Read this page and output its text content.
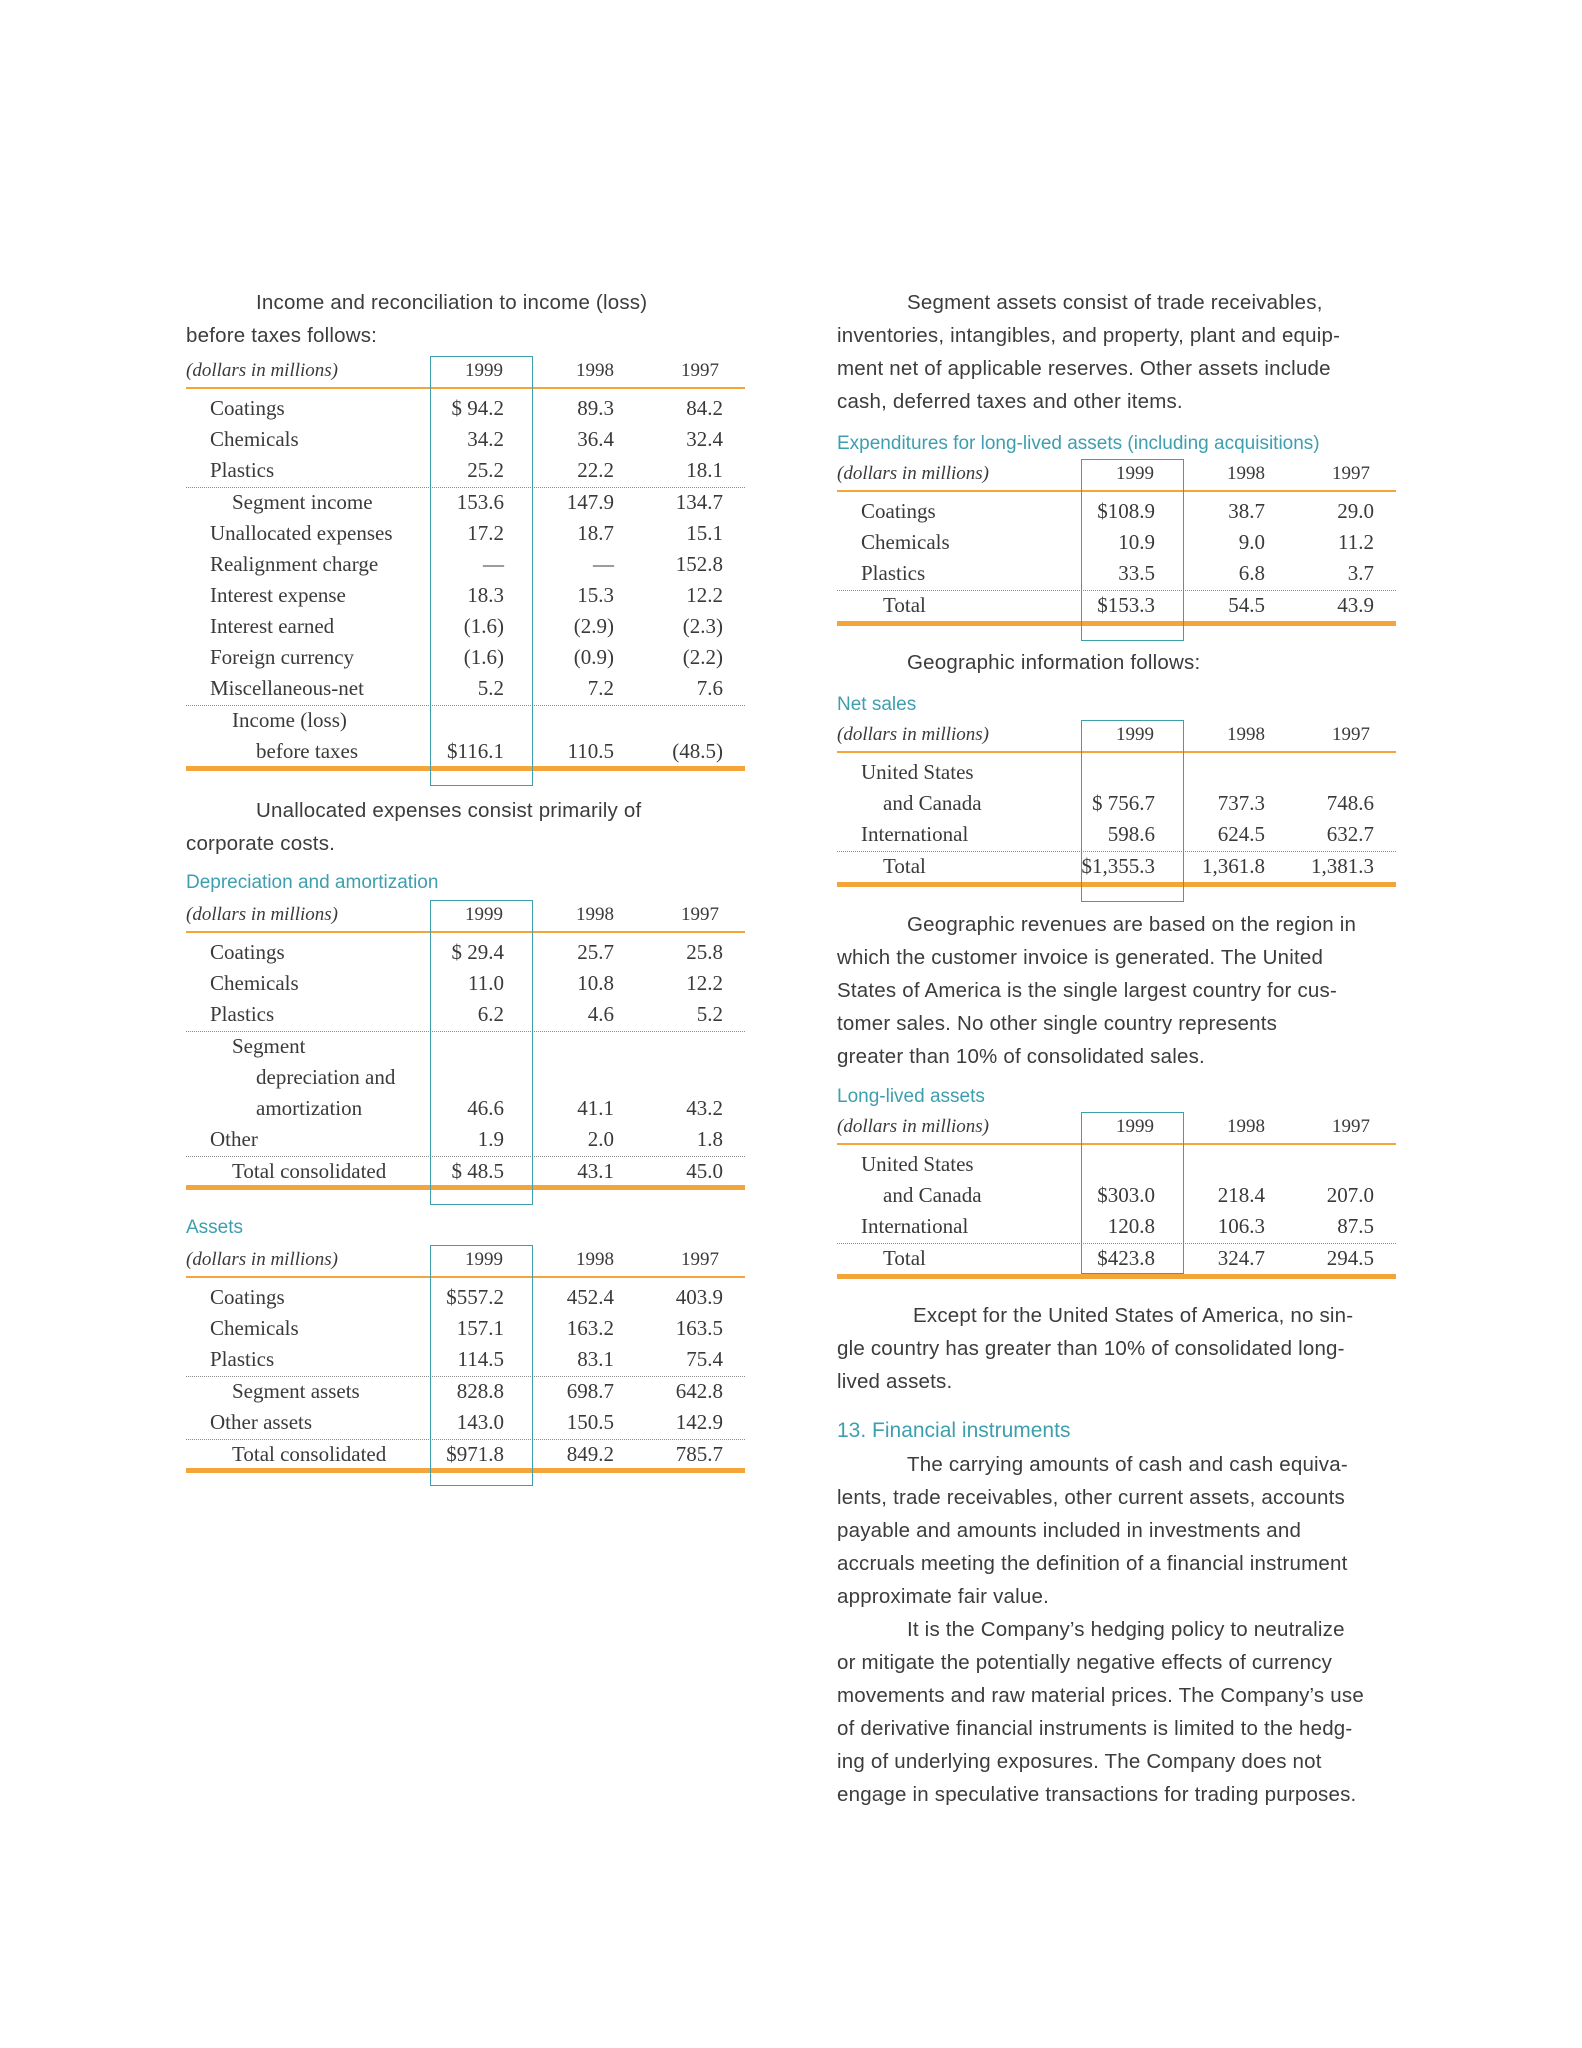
Income and reconciliation to income (loss)
before taxes follows:

(dollars in millions)	1999	1998	1997
Coatings	$ 94.2	89.3	84.2
Chemicals	34.2	36.4	32.4
Plastics	25.2	22.2	18.1
Segment income	153.6	147.9	134.7
Unallocated expenses	17.2	18.7	15.1
Realignment charge	—	—	152.8
Interest expense	18.3	15.3	12.2
Interest earned	(1.6)	(2.9)	(2.3)
Foreign currency	(1.6)	(0.9)	(2.2)
Miscellaneous-net	5.2	7.2	7.6
Income (loss)
before taxes	$116.1	110.5	(48.5)

Unallocated expenses consist primarily of
corporate costs.

Depreciation and amortization
(dollars in millions)	1999	1998	1997
Coatings	$ 29.4	25.7	25.8
Chemicals	11.0	10.8	12.2
Plastics	6.2	4.6	5.2
Segment
depreciation and
amortization	46.6	41.1	43.2
Other	1.9	2.0	1.8
Total consolidated	$ 48.5	43.1	45.0
Assets
(dollars in millions)	1999	1998	1997
Coatings	$557.2	452.4	403.9
Chemicals	157.1	163.2	163.5
Plastics	114.5	83.1	75.4
Segment assets	828.8	698.7	642.8
Other assets	143.0	150.5	142.9
Total consolidated	$971.8	849.2	785.7

Segment assets consist of trade receivables,
inventories, intangibles, and property, plant and equip-
ment net of applicable reserves. Other assets include
cash, deferred taxes and other items.

Expenditures for long-lived assets (including acquisitions)
(dollars in millions)	1999	1998	1997
Coatings	$108.9	38.7	29.0
Chemicals	10.9	9.0	11.2
Plastics	33.5	6.8	3.7
Total	$153.3	54.5	43.9

Geographic information follows:

Net sales
(dollars in millions)	1999	1998	1997
United States
and Canada	$ 756.7	737.3	748.6
International	598.6	624.5	632.7
Total	$1,355.3	1,361.8	1,381.3

Geographic revenues are based on the region in
which the customer invoice is generated. The United
States of America is the single largest country for cus-
tomer sales. No other single country represents
greater than 10% of consolidated sales.

Long-lived assets
(dollars in millions)	1999	1998	1997
United States
and Canada	$303.0	218.4	207.0
International	120.8	106.3	87.5
Total	$423.8	324.7	294.5

Except for the United States of America, no sin-
gle country has greater than 10% of consolidated long-
lived assets.

13. Financial instruments

The carrying amounts of cash and cash equiva-
lents, trade receivables, other current assets, accounts
payable and amounts included in investments and
accruals meeting the definition of a financial instrument
approximate fair value.

It is the Company’s hedging policy to neutralize
or mitigate the potentially negative effects of currency
movements and raw material prices. The Company’s use
of derivative financial instruments is limited to the hedg-
ing of underlying exposures. The Company does not
engage in speculative transactions for trading purposes.
